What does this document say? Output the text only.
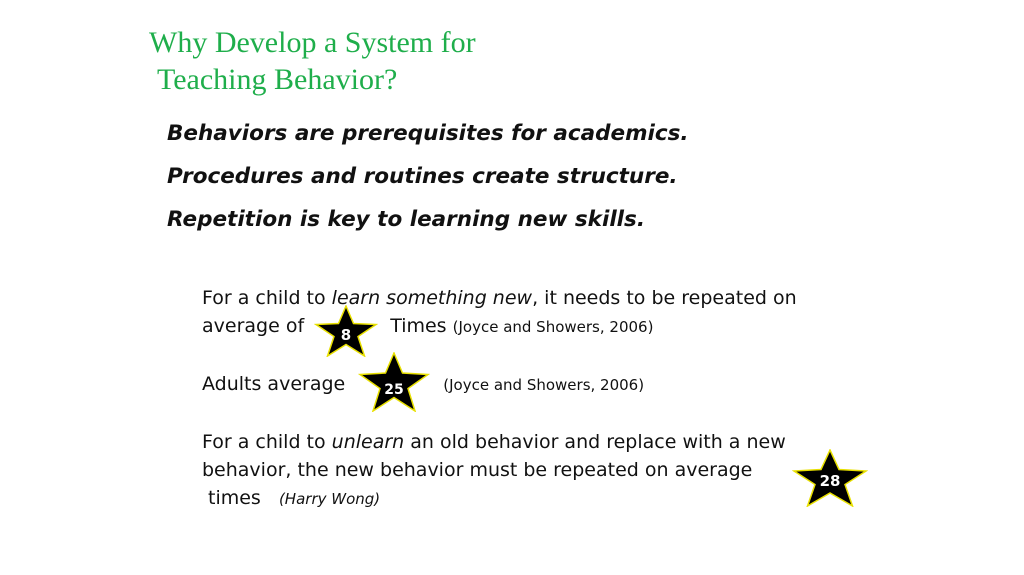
Why Develop a System for
Teaching Behavior?
Behaviors are prerequisites for academics.
Procedures and routines create structure.
Repetition is key to learning new skills.
For a child to learn something new, it needs to be repeated on
average of	Times (Joyce and Showers, 2006)
Adults average	(Joyce and Showers, 2006)
For a child to unlearn an old behavior and replace with a new
behavior, the new behavior must be repeated on average
times (Harry Wong)
8
25
28
